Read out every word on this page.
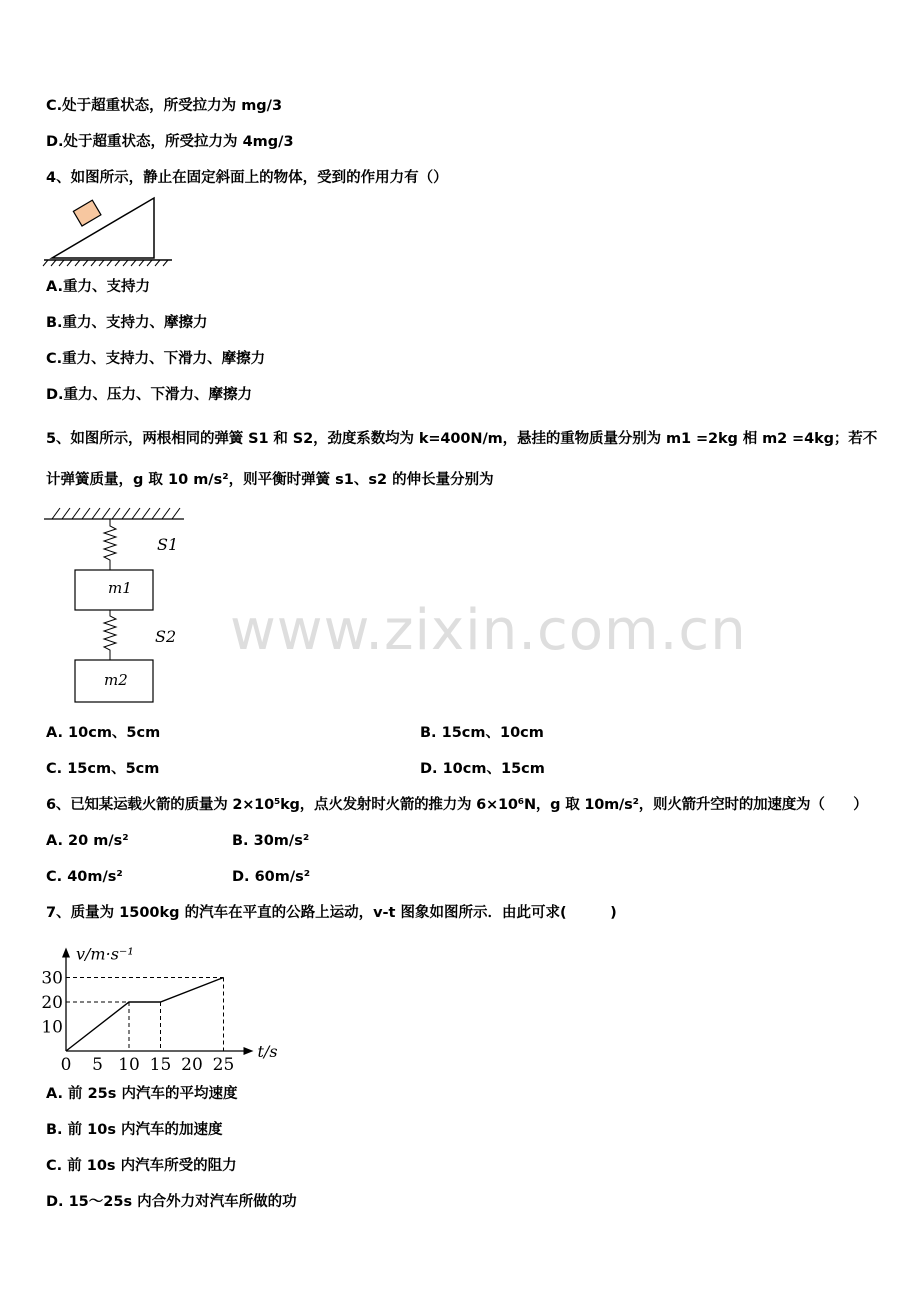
C.处于超重状态，所受拉力为 mg/3
D.处于超重状态，所受拉力为 4mg/3
4、如图所示，静止在固定斜面上的物体，受到的作用力有（）
A.重力、支持力
B.重力、支持力、摩擦力
C.重力、支持力、下滑力、摩擦力
D.重力、压力、下滑力、摩擦力
5、如图所示，两根相同的弹簧 S1 和 S2，劲度系数均为 k=400N/m，悬挂的重物质量分别为 m1 =2kg 相 m2 =4kg；若不
计弹簧质量，g 取 10 m/s²，则平衡时弹簧 s1、s2 的伸长量分别为
S1
m1
S2
m2
www.zixin.com.cn
A. 10cm、5cm	B. 15cm、10cm
C. 15cm、5cm	D. 10cm、15cm
6、已知某运载火箭的质量为 2×10⁵kg，点火发射时火箭的推力为 6×10⁶N，g 取 10m/s²，则火箭升空时的加速度为（　　）
A. 20 m/s²	B. 30m/s²
C. 40m/s²	D. 60m/s²
7、质量为 1500kg 的汽车在平直的公路上运动，v-t 图象如图所示．由此可求(　　　)
0 5 10 15 20 25
10
20
30
v/m·s⁻¹
t/s
A. 前 25s 内汽车的平均速度
B. 前 10s 内汽车的加速度
C. 前 10s 内汽车所受的阻力
D. 15～25s 内合外力对汽车所做的功
